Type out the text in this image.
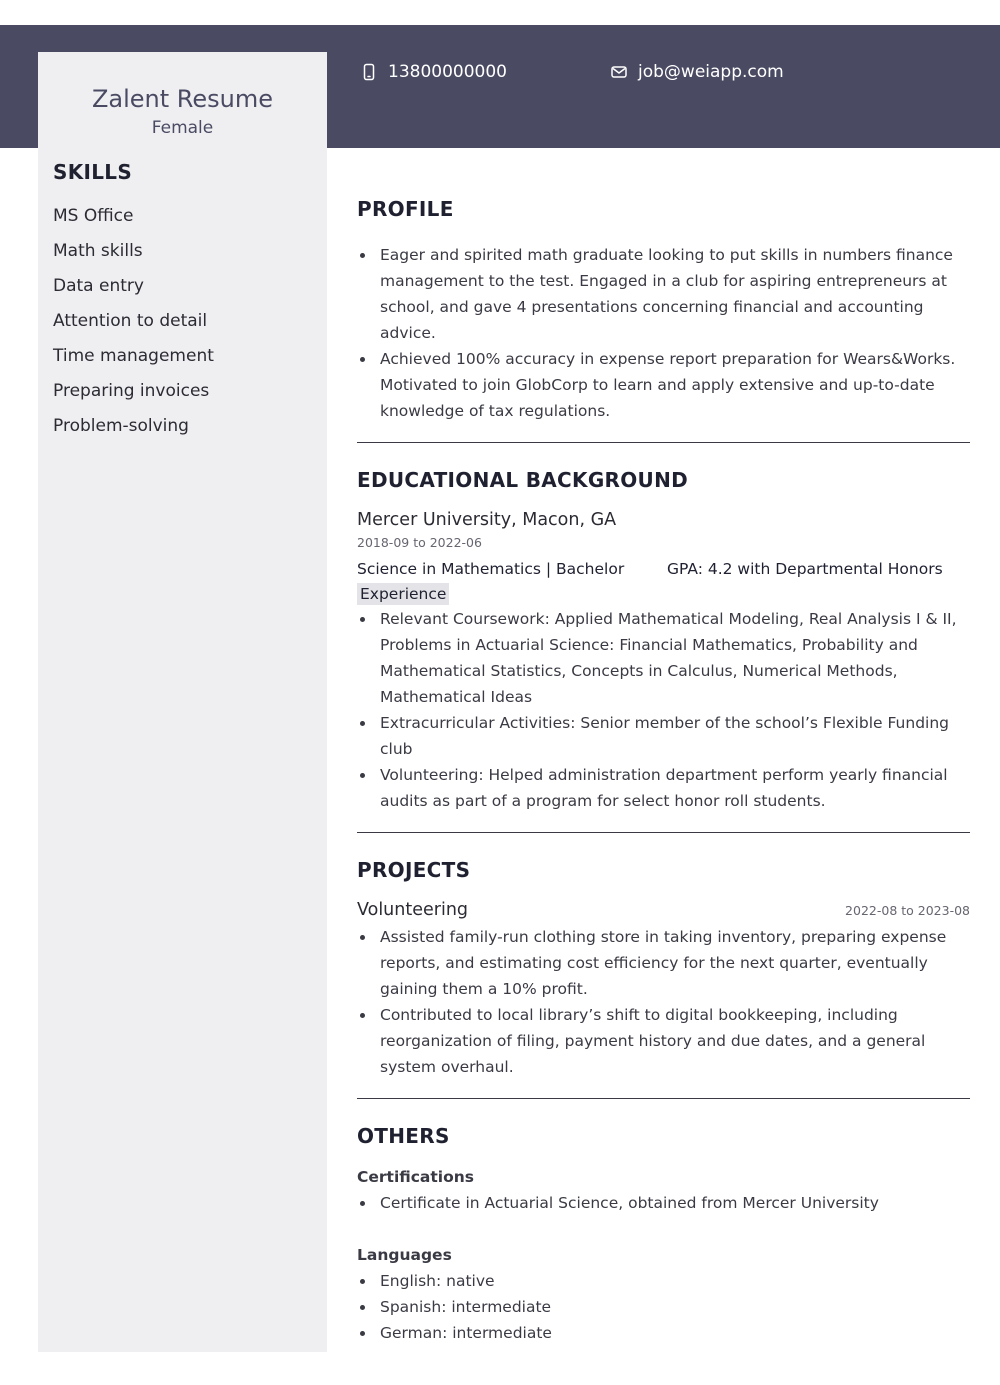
13800000000	job@weiapp.com
Zalent Resume
Female
SKILLS
MS Office
Math skills
Data entry
Attention to detail
Time management
Preparing invoices
Problem-solving
PROFILE
Eager and spirited math graduate looking to put skills in numbers finance management to the test. Engaged in a club for aspiring entrepreneurs at school, and gave 4 presentations concerning financial and accounting advice.
Achieved 100% accuracy in expense report preparation for Wears&Works. Motivated to join GlobCorp to learn and apply extensive and up-to-date knowledge of tax regulations.
EDUCATIONAL BACKGROUND
Mercer University, Macon, GA
2018-09 to 2022-06
Science in Mathematics | Bachelor	GPA: 4.2 with Departmental Honors
Experience
Relevant Coursework: Applied Mathematical Modeling, Real Analysis I & II, Problems in Actuarial Science: Financial Mathematics, Probability and Mathematical Statistics, Concepts in Calculus, Numerical Methods, Mathematical Ideas
Extracurricular Activities: Senior member of the school’s Flexible Funding club
Volunteering: Helped administration department perform yearly financial audits as part of a program for select honor roll students.
PROJECTS
Volunteering	2022-08 to 2023-08
Assisted family-run clothing store in taking inventory, preparing expense reports, and estimating cost efficiency for the next quarter, eventually gaining them a 10% profit.
Contributed to local library’s shift to digital bookkeeping, including reorganization of filing, payment history and due dates, and a general system overhaul.
OTHERS
Certifications
Certificate in Actuarial Science, obtained from Mercer University
Languages
English: native
Spanish: intermediate
German: intermediate
